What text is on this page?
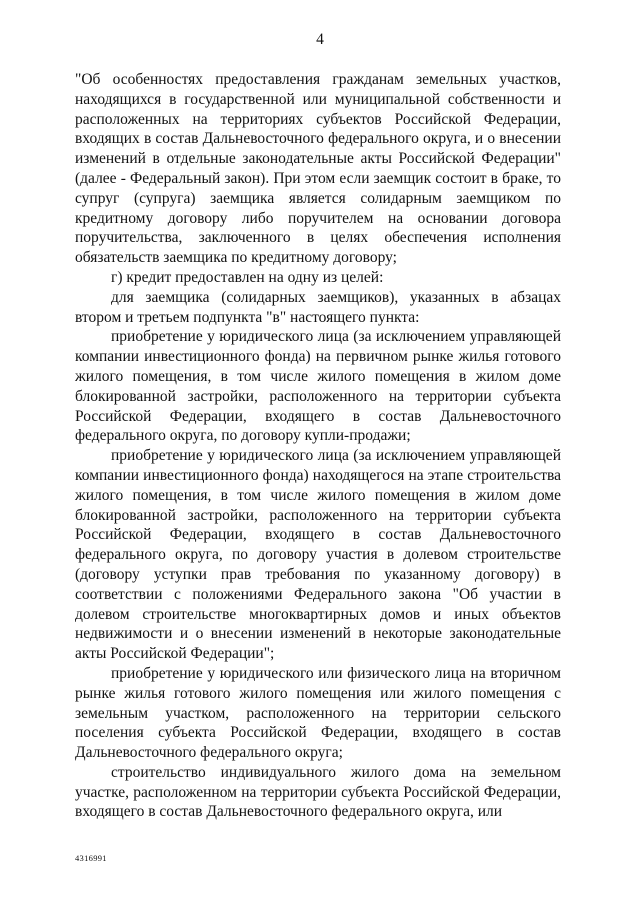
4

"Об особенностях предоставления гражданам земельных участков, находящихся в государственной или муниципальной собственности и расположенных на территориях субъектов Российской Федерации, входящих в состав Дальневосточного федерального округа, и о внесении изменений в отдельные законодательные акты Российской Федерации" (далее - Федеральный закон). При этом если заемщик состоит в браке, то супруг (супруга) заемщика является солидарным заемщиком по кредитному договору либо поручителем на основании договора поручительства, заключенного в целях обеспечения исполнения обязательств заемщика по кредитному договору;

г) кредит предоставлен на одну из целей:

для заемщика (солидарных заемщиков), указанных в абзацах втором и третьем подпункта "в" настоящего пункта:

приобретение у юридического лица (за исключением управляющей компании инвестиционного фонда) на первичном рынке жилья готового жилого помещения, в том числе жилого помещения в жилом доме блокированной застройки, расположенного на территории субъекта Российской Федерации, входящего в состав Дальневосточного федерального округа, по договору купли-продажи;

приобретение у юридического лица (за исключением управляющей компании инвестиционного фонда) находящегося на этапе строительства жилого помещения, в том числе жилого помещения в жилом доме блокированной застройки, расположенного на территории субъекта Российской Федерации, входящего в состав Дальневосточного федерального округа, по договору участия в долевом строительстве (договору уступки прав требования по указанному договору) в соответствии с положениями Федерального закона "Об участии в долевом строительстве многоквартирных домов и иных объектов недвижимости и о внесении изменений в некоторые законодательные акты Российской Федерации";

приобретение у юридического или физического лица на вторичном рынке жилья готового жилого помещения или жилого помещения с земельным участком, расположенного на территории сельского поселения субъекта Российской Федерации, входящего в состав Дальневосточного федерального округа;

строительство индивидуального жилого дома на земельном участке, расположенном на территории субъекта Российской Федерации, входящего в состав Дальневосточного федерального округа, или

4316991
